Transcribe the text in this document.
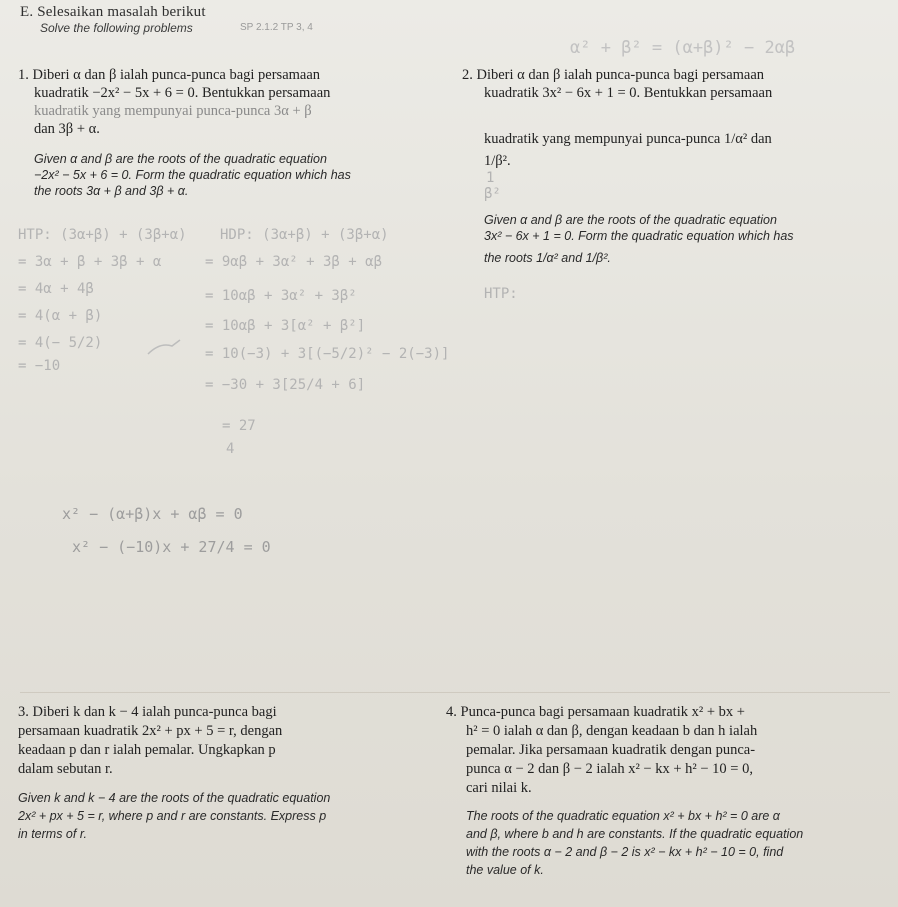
E. Selesaikan masalah berikut
Solve the following problems	SP 2.1.2 TP 3, 4
α² + β² = (α+β)² − 2αβ
1. Diberi α dan β ialah punca-punca bagi persamaan
kuadratik −2x² − 5x + 6 = 0. Bentukkan persamaan
kuadratik yang mempunyai punca-punca 3α + β
dan 3β + α.
Given α and β are the roots of the quadratic equation
−2x² − 5x + 6 = 0. Form the quadratic equation which has
the roots 3α + β and 3β + α.
2. Diberi α dan β ialah punca-punca bagi persamaan
kuadratik 3x² − 6x + 1 = 0. Bentukkan persamaan
kuadratik yang mempunyai punca-punca 1/α² dan
1/β².
Given α and β are the roots of the quadratic equation
3x² − 6x + 1 = 0. Form the quadratic equation which has
the roots 1/α² and 1/β².
1
β²
HTP:
HTP: (3α+β) + (3β+α)
= 3α + β + 3β + α
= 4α + 4β
= 4(α + β)
= 4(− 5/2)
= −10
HDP: (3α+β) + (3β+α)
= 9αβ + 3α² + 3β + αβ
= 10αβ + 3α² + 3β²
= 10αβ + 3[α² + β²]
= 10(−3) + 3[(−5/2)² − 2(−3)]
= −30 + 3[25/4 + 6]
= 27
4
x² − (α+β)x + αβ = 0
x² − (−10)x + 27/4 = 0
3. Diberi k dan k − 4 ialah punca-punca bagi
persamaan kuadratik 2x² + px + 5 = r, dengan
keadaan p dan r ialah pemalar. Ungkapkan p
dalam sebutan r.
Given k and k − 4 are the roots of the quadratic equation
2x² + px + 5 = r, where p and r are constants. Express p
in terms of r.
4. Punca-punca bagi persamaan kuadratik x² + bx +
h² = 0 ialah α dan β, dengan keadaan b dan h ialah
pemalar. Jika persamaan kuadratik dengan punca-
punca α − 2 dan β − 2 ialah x² − kx + h² − 10 = 0,
cari nilai k.
The roots of the quadratic equation x² + bx + h² = 0 are α
and β, where b and h are constants. If the quadratic equation
with the roots α − 2 and β − 2 is x² − kx + h² − 10 = 0, find
the value of k.
